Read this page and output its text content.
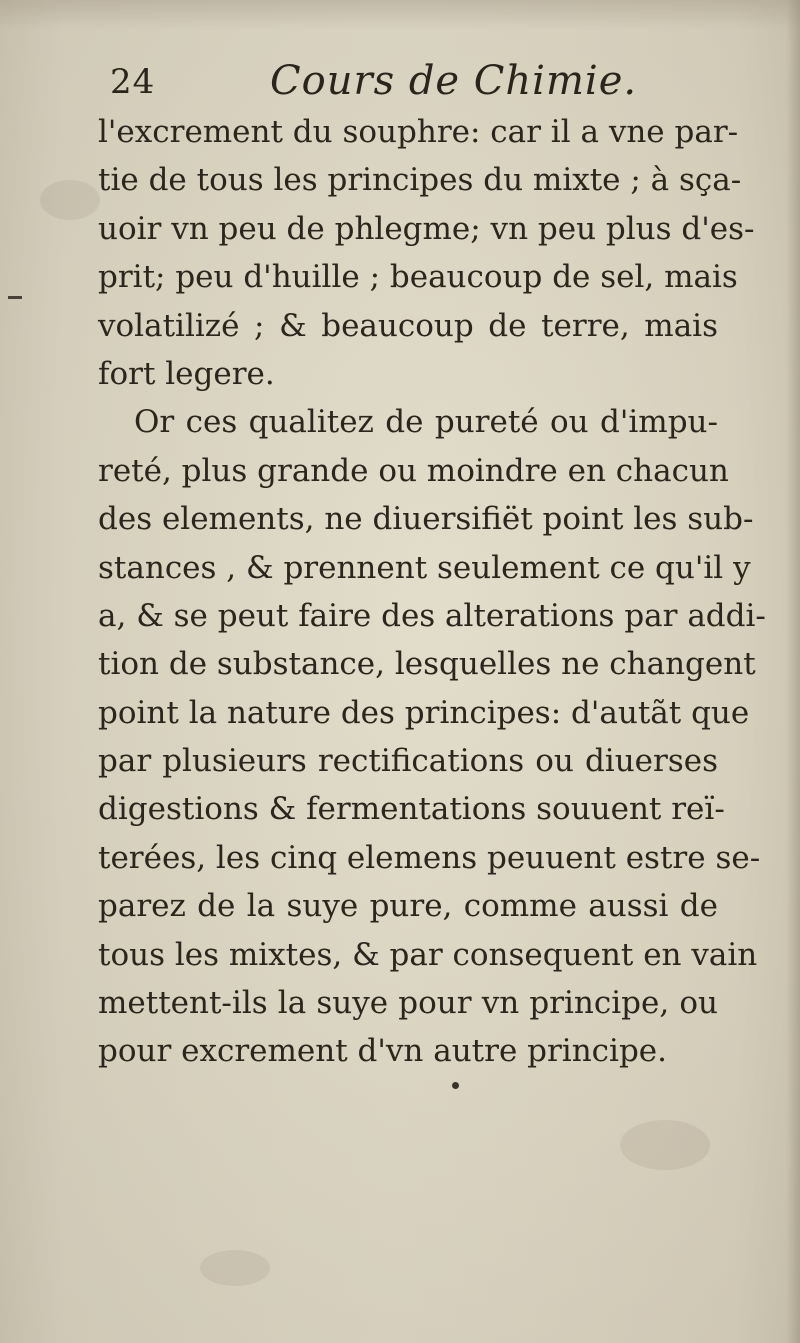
24	Cours de Chimie.
l'excrement du souphre: car il a vne par-
tie de tous les principes du mixte ; à sça-
uoir vn peu de phlegme; vn peu plus d'es-
prit; peu d'huille ; beaucoup de sel, mais
volatilizé ; & beaucoup de terre, mais
fort legere.
Or ces qualitez de pureté ou d'impu-
reté, plus grande ou moindre en chacun
des elements, ne diuersifiët point les sub-
stances , & prennent seulement ce qu'il y
a, & se peut faire des alterations par addi-
tion de substance, lesquelles ne changent
point la nature des principes: d'autãt que
par plusieurs rectifications ou diuerses
digestions & fermentations souuent reï-
terées, les cinq elemens peuuent estre se-
parez de la suye pure, comme aussi de
tous les mixtes, & par consequent en vain
mettent-ils la suye pour vn principe, ou
pour excrement d'vn autre principe.
